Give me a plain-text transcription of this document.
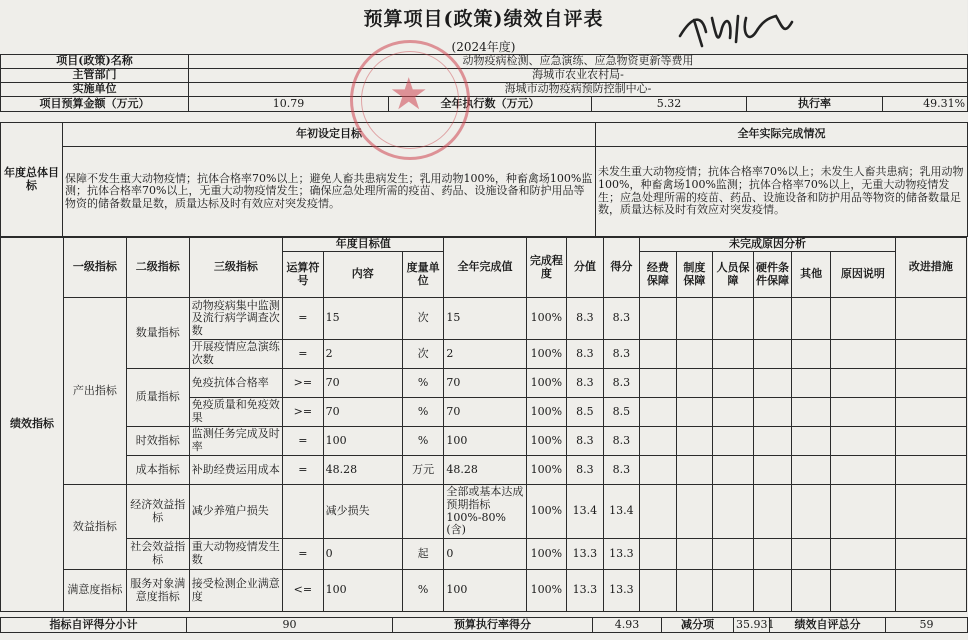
预算项目(政策)绩效自评表
(2024年度)
项目(政策)名称	动物疫病检测、应急演练、应急物资更新等费用				
主管部门	海城市农业农村局-				
实施单位	海城市动物疫病预防控制中心-				
项目预算金额（万元）	10.79	全年执行数（万元）	5.32	执行率	49.31%
年度总体目标	年初设定目标	全年实际完成情况
	保障不发生重大动物疫情；抗体合格率70%以上；避免人畜共患病发生；乳用动物100%，种畜禽场100%监测；抗体合格率70%以上，无重大动物疫情发生；确保应急处理所需的疫苗、药品、设施设备和防护用品等物资的储备数量足数，质量达标及时有效应对突发疫情。	未发生重大动物疫情；抗体合格率70%以上；未发生人畜共患病；乳用动物100%，种畜禽场100%监测；抗体合格率70%以上，无重大动物疫情发生；应急处理所需的疫苗、药品、设施设备和防护用品等物资的储备数量足数，质量达标及时有效应对突发疫情。
绩效指标	一级指标	二级指标	三级指标	年度目标值			全年完成值	完成程度	分值	得分	未完成原因分析						改进措施
				运算符号	内容	度量单位					经费保障	制度保障	人员保障	硬件条件保障	其他	原因说明	
	产出指标	数量指标	动物疫病集中监测及流行病学调查次数	=	15	次	15	100%	8.3	8.3							
			开展疫情应急演练次数	=	2	次	2	100%	8.3	8.3							
		质量指标	免疫抗体合格率	>=	70	%	70	100%	8.3	8.3							
			免疫质量和免疫效果	>=	70	%	70	100%	8.5	8.5							
		时效指标	监测任务完成及时率	=	100	%	100	100%	8.3	8.3							
		成本指标	补助经费运用成本	=	48.28	万元	48.28	100%	8.3	8.3							
	效益指标	经济效益指标	减少养殖户损失		减少损失		全部或基本达成预期指标100%-80%(含)	100%	13.4	13.4							
		社会效益指标	重大动物疫情发生数	=	0	起	0	100%	13.3	13.3							
	满意度指标	服务对象满意度指标	接受检测企业满意度	<=	100	%	100	100%	13.3	13.3							
指标自评得分小计	90	预算执行率得分	4.93	减分项	35.931	绩效自评总分	59
★
